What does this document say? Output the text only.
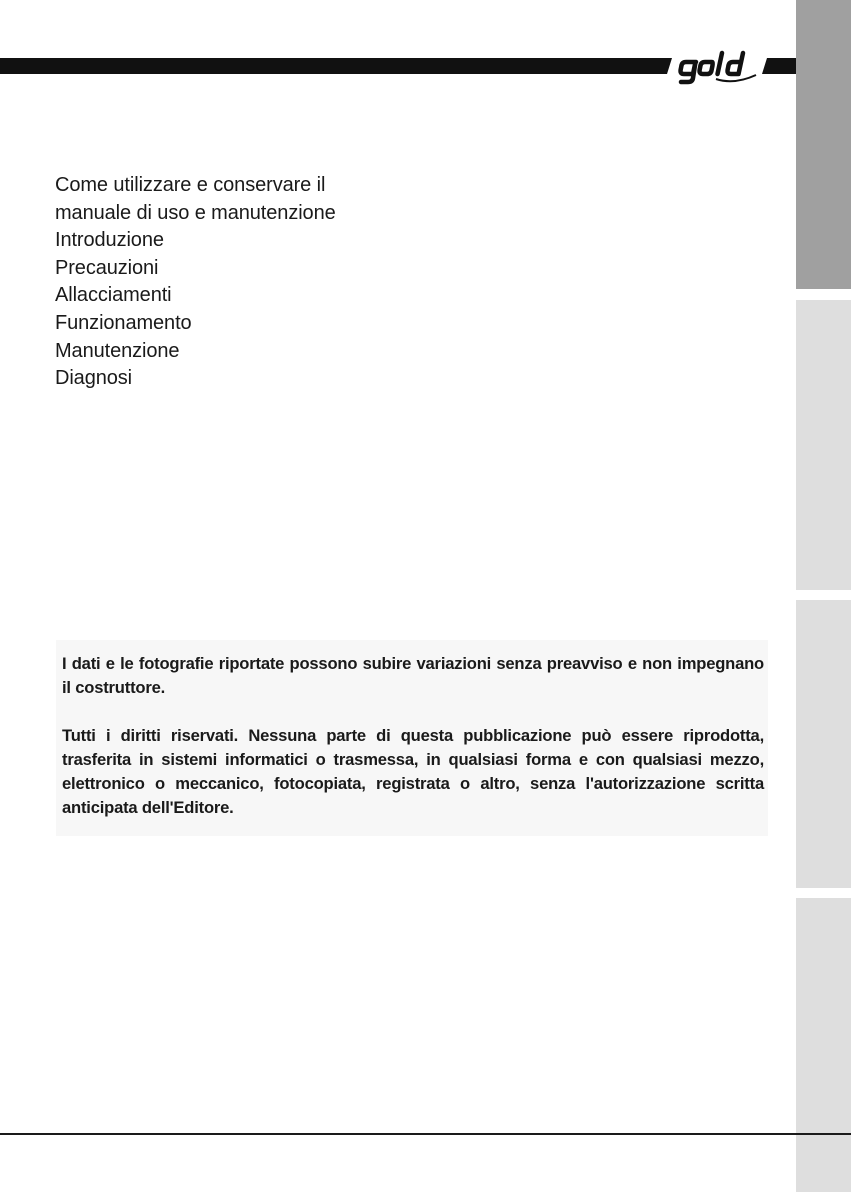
Come utilizzare e conservare il
manuale di uso e manutenzione
Introduzione
Precauzioni
Allacciamenti
Funzionamento
Manutenzione
Diagnosi

I dati e le fotografie riportate possono subire variazioni senza preavviso e non impegnano il costruttore.

Tutti i diritti riservati. Nessuna parte di questa pubblicazione può essere riprodotta, trasferita in sistemi informatici o trasmessa, in qualsiasi forma e con qualsiasi mezzo, elettronico o meccanico, fotocopiata, registrata o altro, senza l'autorizzazione scritta anticipata dell'Editore.
